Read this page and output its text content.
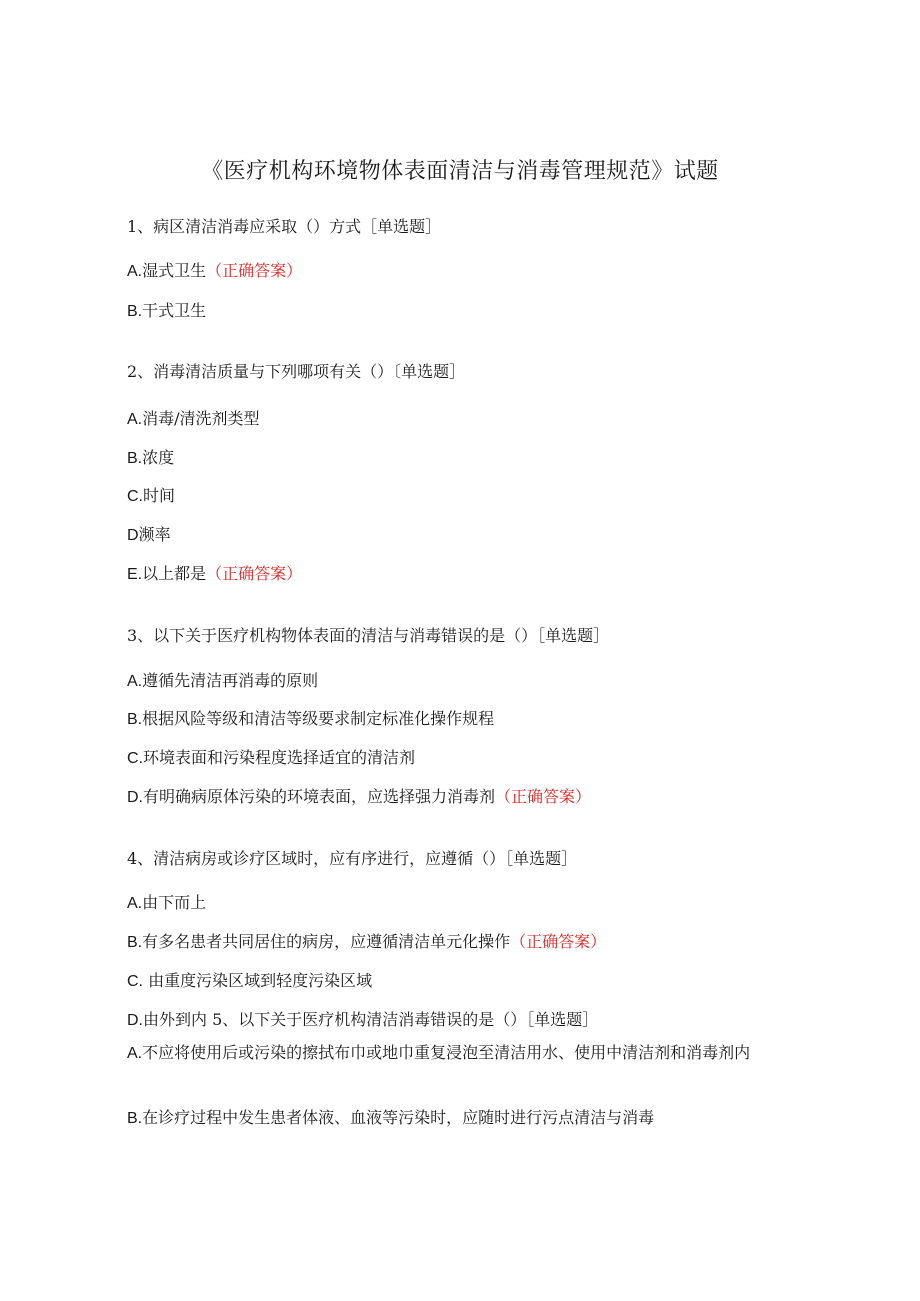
《医疗机构环境物体表面清洁与消毒管理规范》试题
1、病区清洁消毒应采取（）方式［单选题］
A.湿式卫生（正确答案）
B.干式卫生
2、消毒清洁质量与下列哪项有关（）〔单选题］
A.消毒/清洗剂类型
B.浓度
C.时间
D濒率
E.以上都是（正确答案）
3、以下关于医疗机构物体表面的清洁与消毒错误的是（）［单选题］
A.遵循先清洁再消毒的原则
B.根据风险等级和清洁等级要求制定标准化操作规程
C.环境表面和污染程度选择适宜的清洁剂
D.有明确病原体污染的环境表面，应选择强力消毒剂（正确答案）
4、清洁病房或诊疗区域时，应有序进行，应遵循（）［单选题］
A.由下而上
B.有多名患者共同居住的病房，应遵循清洁单元化操作（正确答案）
C. 由重度污染区域到轻度污染区域
D.由外到内 5、以下关于医疗机构清洁消毒错误的是（）［单选题］
A.不应将使用后或污染的擦拭布巾或地巾重复浸泡至清洁用水、使用中清洁剂和消毒剂内
B.在诊疗过程中发生患者体液、血液等污染时，应随时进行污点清洁与消毒
